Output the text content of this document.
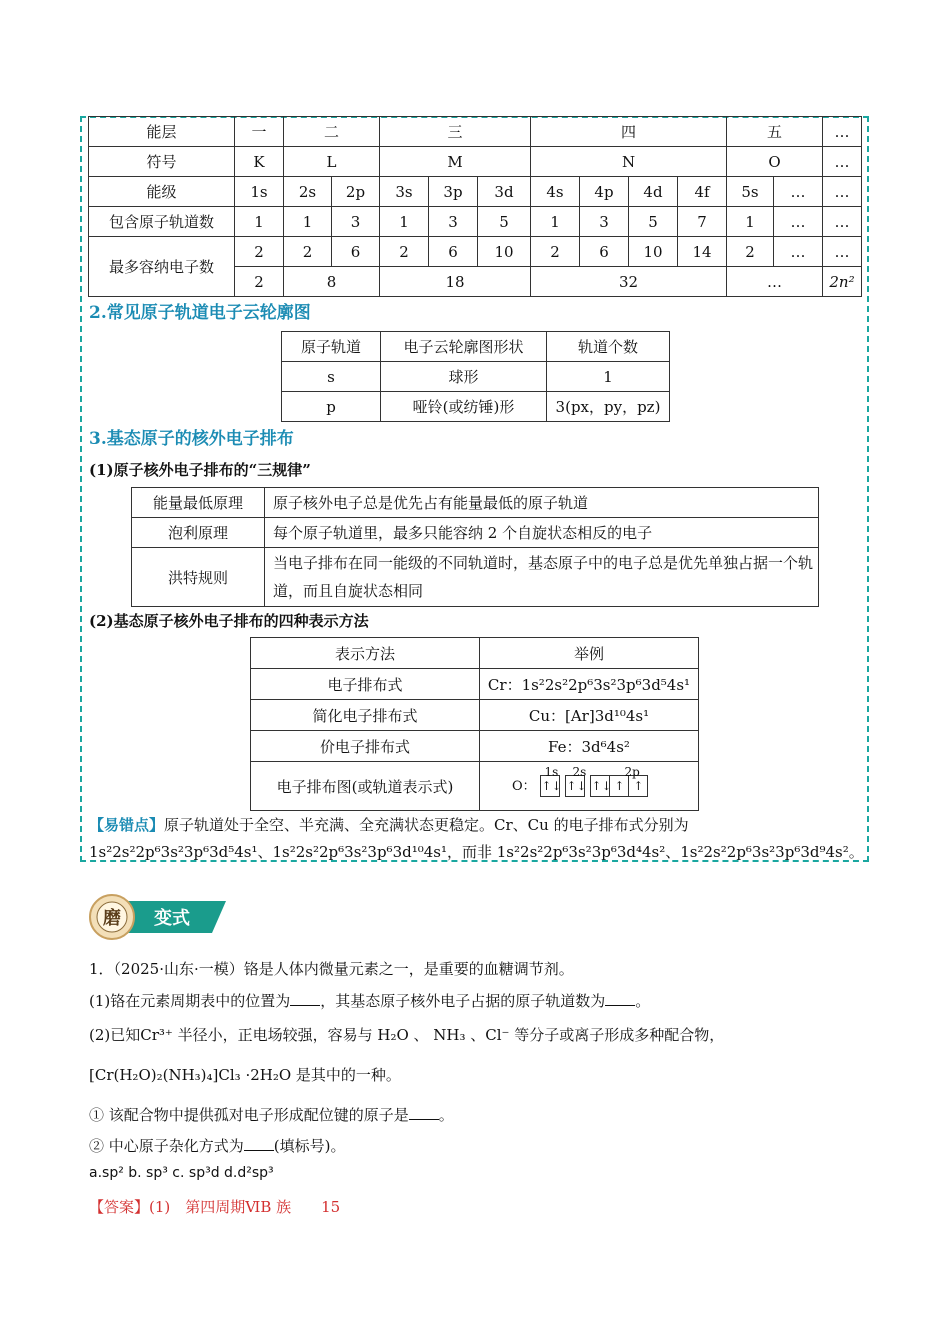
能层	一	二		三			四				五		…
符号	K	L		M			N				O		…
能级	1s	2s	2p	3s	3p	3d	4s	4p	4d	4f	5s	…	…
包含原子轨道数	1	1	3	1	3	5	1	3	5	7	1	…	…
最多容纳电子数	2	2	6	2	6	10	2	6	10	14	2	…	…
	2	8		18			32				…		2n²
2.常见原子轨道电子云轮廓图
原子轨道	电子云轮廓图形状	轨道个数
s	球形	1
p	哑铃(或纺锤)形	3(px，py，pz)
3.基态原子的核外电子排布
(1)原子核外电子排布的“三规律”
能量最低原理	原子核外电子总是优先占有能量最低的原子轨道
泡利原理	每个原子轨道里，最多只能容纳 2 个自旋状态相反的电子
洪特规则	当电子排布在同一能级的不同轨道时，基态原子中的电子总是优先单独占据一个轨道，而且自旋状态相同
(2)基态原子核外电子排布的四种表示方法
表示方法	举例
电子排布式	Cr：1s²2s²2p⁶3s²3p⁶3d⁵4s¹
简化电子排布式	Cu：[Ar]3d¹⁰4s¹
价电子排布式	Fe：3d⁶4s²
电子排布图(或轨道表示式)	O：
1s 2s 2p
↑↓ ↑↓ ↑↓ ↑ ↑
【易错点】原子轨道处于全空、半充满、全充满状态更稳定。Cr、Cu 的电子排布式分别为
1s²2s²2p⁶3s²3p⁶3d⁵4s¹、1s²2s²2p⁶3s²3p⁶3d¹⁰4s¹，而非 1s²2s²2p⁶3s²3p⁶3d⁴4s²、1s²2s²2p⁶3s²3p⁶3d⁹4s²。
磨 变式
1．（2025·山东·一模）铬是人体内微量元素之一，是重要的血糖调节剂。
(1)铬在元素周期表中的位置为 ，其基态原子核外电子占据的原子轨道数为 。
(2)已知Cr³⁺ 半径小，正电场较强，容易与 H₂O 、 NH₃ 、Cl⁻ 等分子或离子形成多种配合物，
[Cr(H₂O)₂(NH₃)₄]Cl₃ ·2H₂O 是其中的一种。
① 该配合物中提供孤对电子形成配位键的原子是 。
② 中心原子杂化方式为 (填标号)。
a.sp² b. sp³ c. sp³d d.d²sp³
【答案】(1)　第四周期ⅥB 族　　15
